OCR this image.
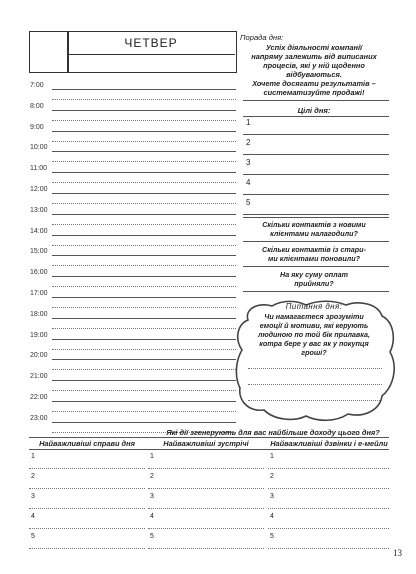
ЧЕТВЕР
7:00
8:00
9:00
10:00
11:00
12:00
13:00
14:00
15:00
16:00
17:00
18:00
19:00
20:00
21:00
22:00
23:00
Порада дня:
Успіх діяльності компанії
напряму залежить від виписаних
процесів, які у ній щоденно
відбуваються.
Хочете досягати результатів –
систематизуйте продажі!
Цілі дня:
1
2
3
4
5
Скільки контактів з новими
клієнтами налагодили?
Скільки контактів із стари-
ми клієнтами поновили?
На яку суму оплат
прийняли?
Питання дня:
Чи намагаєтеся зрозуміти
емоції й мотиви, які керують
людиною по той бік прилавка,
котра бере у вас як у покупця
гроші?
Які дії згенерують для вас найбільше доходу цього дня?
Найважливіші справи дня	Найважливіші зустрічі	Найважливіші дзвінки і е-мейли
1
2
3
4
5
1
2
3
4
5
1
2
3
4
5
13
